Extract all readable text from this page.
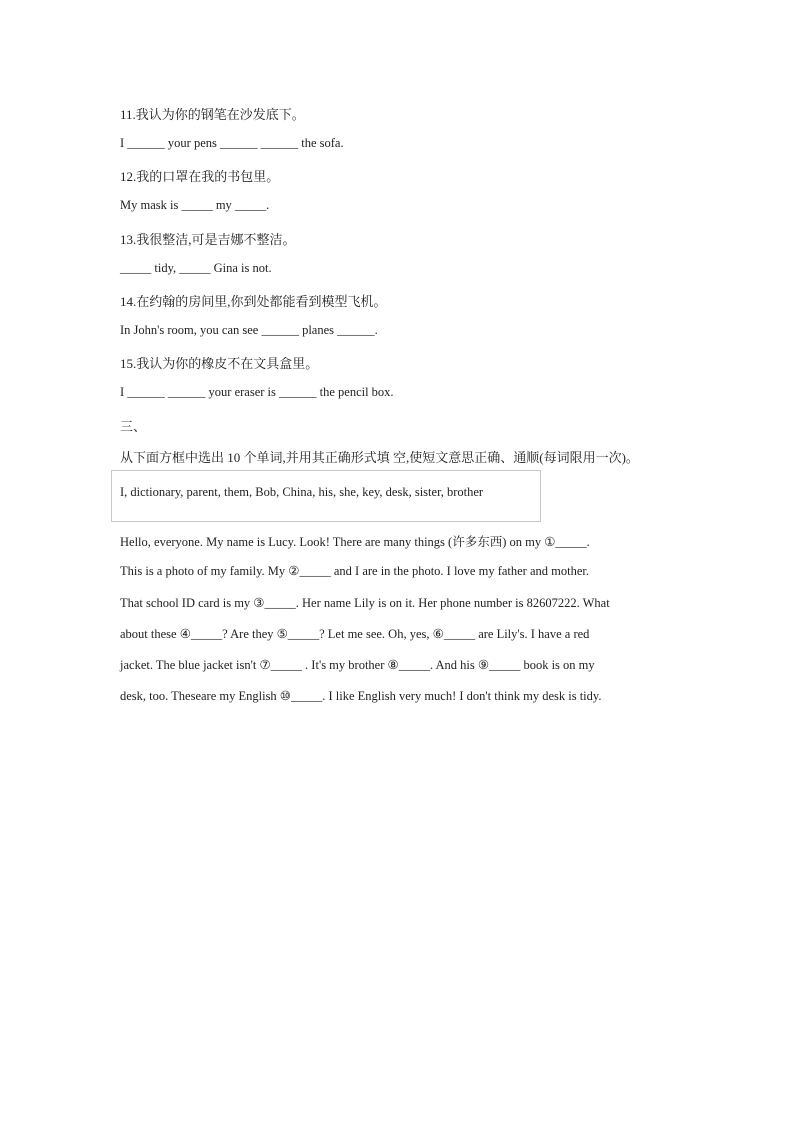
11.我认为你的钢笔在沙发底下。
I ______ your pens ______ ______ the sofa.
12.我的口罩在我的书包里。
My mask is _____ my _____.
13.我很整洁,可是吉娜不整洁。
_____ tidy, _____ Gina is not.
14.在约翰的房间里,你到处都能看到模型飞机。
In John's room, you can see ______ planes ______.
15.我认为你的橡皮不在文具盒里。
I ______ ______ your eraser is ______ the pencil box.
三、
从下面方框中选出 10 个单词,并用其正确形式填 空,使短文意思正确、通顺(每词限用一次)。
I, dictionary, parent, them, Bob, China, his, she, key, desk, sister, brother
Hello, everyone. My name is Lucy. Look! There are many things (许多东西) on my ①_____.
This is a photo of my family. My ②_____ and I are in the photo. I love my father and mother.
That school ID card is my ③_____. Her name Lily is on it. Her phone number is 82607222. What
about these ④_____? Are they ⑤_____? Let me see. Oh, yes, ⑥_____ are Lily's. I have a red
jacket. The blue jacket isn't ⑦_____ . It's my brother ⑧_____. And his ⑨_____ book is on my
desk, too. Theseare my English ⑩_____. I like English very much! I don't think my desk is tidy.
